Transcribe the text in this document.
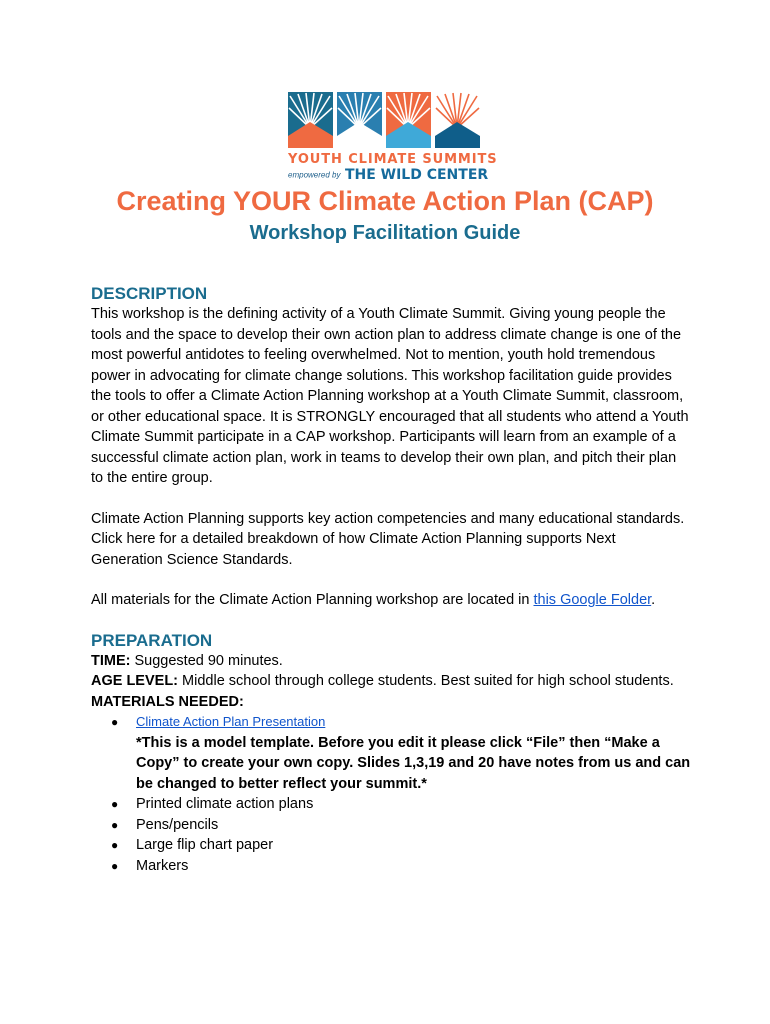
YOUTH CLIMATE SUMMITS
empowered by THE WILD CENTER
Creating YOUR Climate Action Plan (CAP)
Workshop Facilitation Guide
DESCRIPTION

This workshop is the defining activity of a Youth Climate Summit. Giving young people the tools and the space to develop their own action plan to address climate change is one of the most powerful antidotes to feeling overwhelmed. Not to mention, youth hold tremendous power in advocating for climate change solutions. This workshop facilitation guide provides the tools to offer a Climate Action Planning workshop at a Youth Climate Summit, classroom, or other educational space. It is STRONGLY encouraged that all students who attend a Youth Climate Summit participate in a CAP workshop. Participants will learn from an example of a successful climate action plan, work in teams to develop their own plan, and pitch their plan to the entire group.

Climate Action Planning supports key action competencies and many educational standards. Click here for a detailed breakdown of how Climate Action Planning supports Next Generation Science Standards.

All materials for the Climate Action Planning workshop are located in this Google Folder.

PREPARATION

TIME: Suggested 90 minutes.

AGE LEVEL: Middle school through college students. Best suited for high school students.

MATERIALS NEEDED:

● Climate Action Plan Presentation
*This is a model template. Before you edit it please click “File” then “Make a Copy” to create your own copy. Slides 1,3,19 and 20 have notes from us and can be changed to better reflect your summit.*
● Printed climate action plans
● Pens/pencils
● Large flip chart paper
● Markers
